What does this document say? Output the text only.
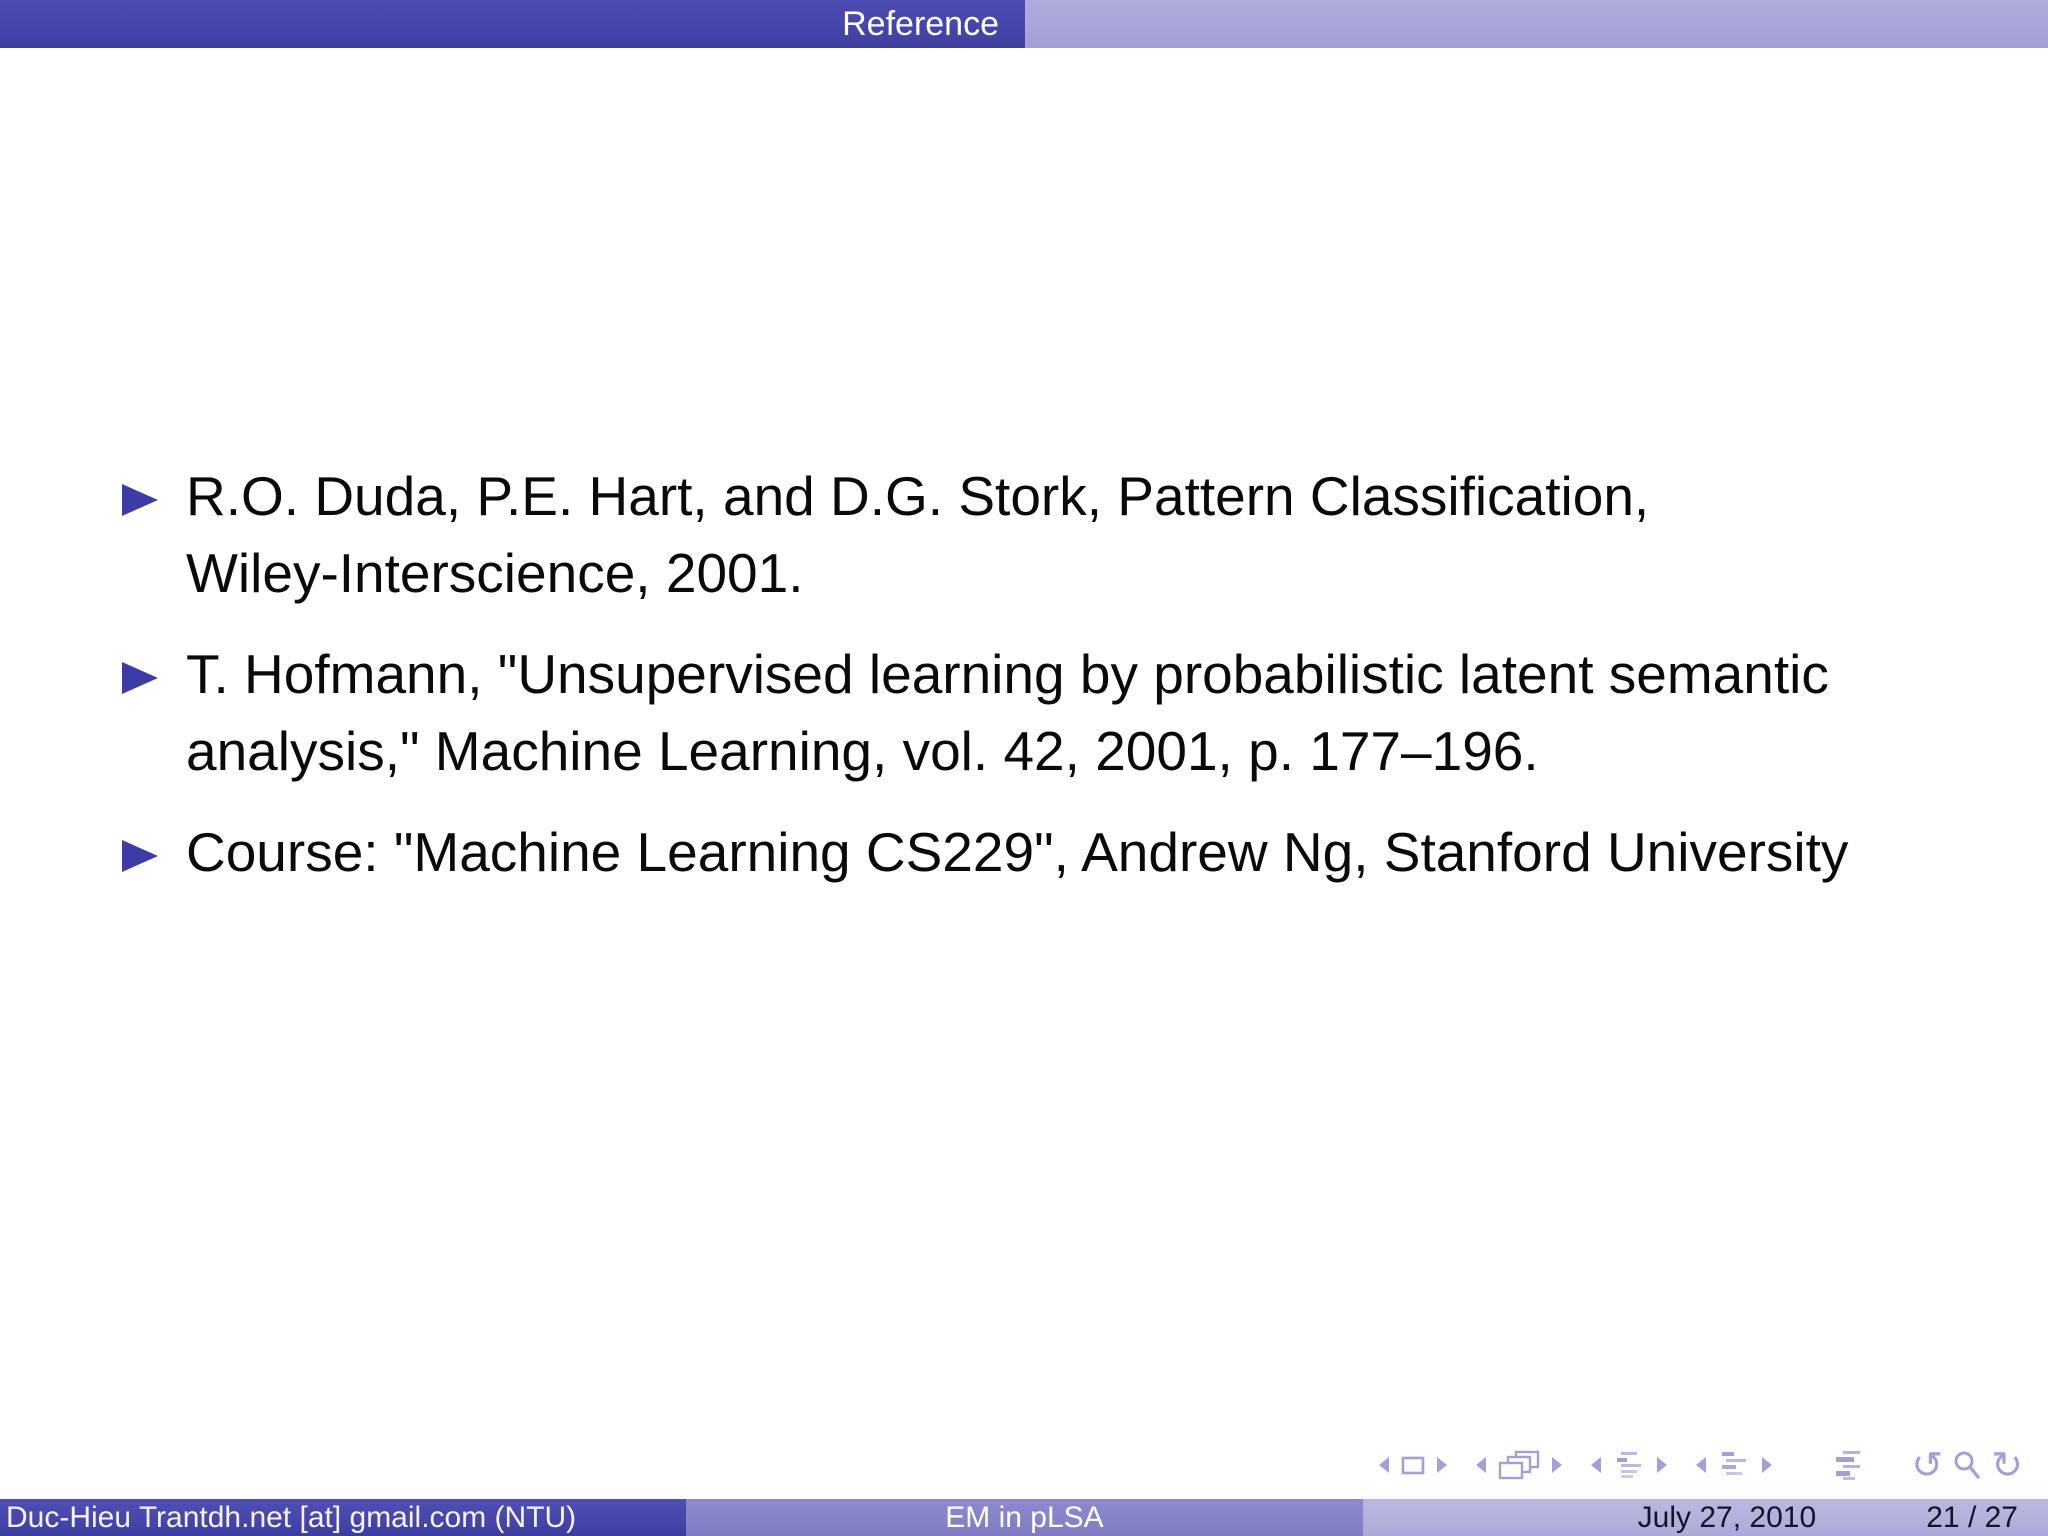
Reference
R.O. Duda, P.E. Hart, and D.G. Stork, Pattern Classification,
Wiley-Interscience, 2001.
T. Hofmann, "Unsupervised learning by probabilistic latent semantic
analysis," Machine Learning, vol. 42, 2001, p. 177–196.
Course: "Machine Learning CS229", Andrew Ng, Stanford University
↺ ↻
Duc-Hieu Trantdh.net [at] gmail.com (NTU)	EM in pLSA	July 27, 2010	21 / 27
